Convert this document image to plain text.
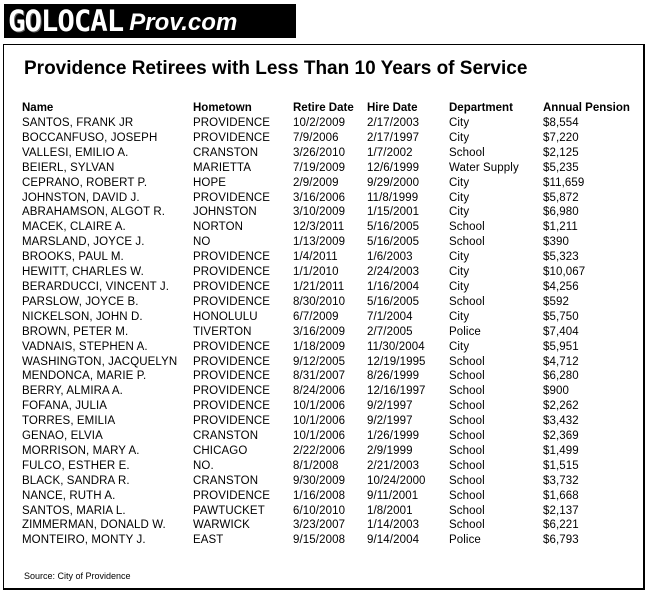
GO LOCAL Prov.com
Providence Retirees with Less Than 10 Years of Service
Name	Hometown	Retire Date	Hire Date	Department	Annual Pension
SANTOS, FRANK JR	PROVIDENCE	10/2/2009	2/17/2003	City	$8,554
BOCCANFUSO, JOSEPH	PROVIDENCE	7/9/2006	2/17/1997	City	$7,220
VALLESI, EMILIO A.	CRANSTON	3/26/2010	1/7/2002	School	$2,125
BEIERL, SYLVAN	MARIETTA	7/19/2009	12/6/1999	Water Supply	$5,235
CEPRANO, ROBERT P.	HOPE	2/9/2009	9/29/2000	City	$11,659
JOHNSTON, DAVID J.	PROVIDENCE	3/16/2006	11/8/1999	City	$5,872
ABRAHAMSON, ALGOT R.	JOHNSTON	3/10/2009	1/15/2001	City	$6,980
MACEK, CLAIRE A.	NORTON	12/3/2011	5/16/2005	School	$1,211
MARSLAND, JOYCE J.	NO	1/13/2009	5/16/2005	School	$390
BROOKS, PAUL M.	PROVIDENCE	1/4/2011	1/6/2003	City	$5,323
HEWITT, CHARLES W.	PROVIDENCE	1/1/2010	2/24/2003	City	$10,067
BERARDUCCI, VINCENT J.	PROVIDENCE	1/21/2011	1/16/2004	City	$4,256
PARSLOW, JOYCE B.	PROVIDENCE	8/30/2010	5/16/2005	School	$592
NICKELSON, JOHN D.	HONOLULU	6/7/2009	7/1/2004	City	$5,750
BROWN, PETER M.	TIVERTON	3/16/2009	2/7/2005	Police	$7,404
VADNAIS, STEPHEN A.	PROVIDENCE	1/18/2009	11/30/2004	City	$5,951
WASHINGTON, JACQUELYN	PROVIDENCE	9/12/2005	12/19/1995	School	$4,712
MENDONCA, MARIE P.	PROVIDENCE	8/31/2007	8/26/1999	School	$6,280
BERRY, ALMIRA A.	PROVIDENCE	8/24/2006	12/16/1997	School	$900
FOFANA, JULIA	PROVIDENCE	10/1/2006	9/2/1997	School	$2,262
TORRES, EMILIA	PROVIDENCE	10/1/2006	9/2/1997	School	$3,432
GENAO, ELVIA	CRANSTON	10/1/2006	1/26/1999	School	$2,369
MORRISON, MARY A.	CHICAGO	2/22/2006	2/9/1999	School	$1,499
FULCO, ESTHER E.	NO.	8/1/2008	2/21/2003	School	$1,515
BLACK, SANDRA R.	CRANSTON	9/30/2009	10/24/2000	School	$3,732
NANCE, RUTH A.	PROVIDENCE	1/16/2008	9/11/2001	School	$1,668
SANTOS, MARIA L.	PAWTUCKET	6/10/2010	1/8/2001	School	$2,137
ZIMMERMAN, DONALD W.	WARWICK	3/23/2007	1/14/2003	School	$6,221
MONTEIRO, MONTY J.	EAST	9/15/2008	9/14/2004	Police	$6,793
Source: City of Providence
